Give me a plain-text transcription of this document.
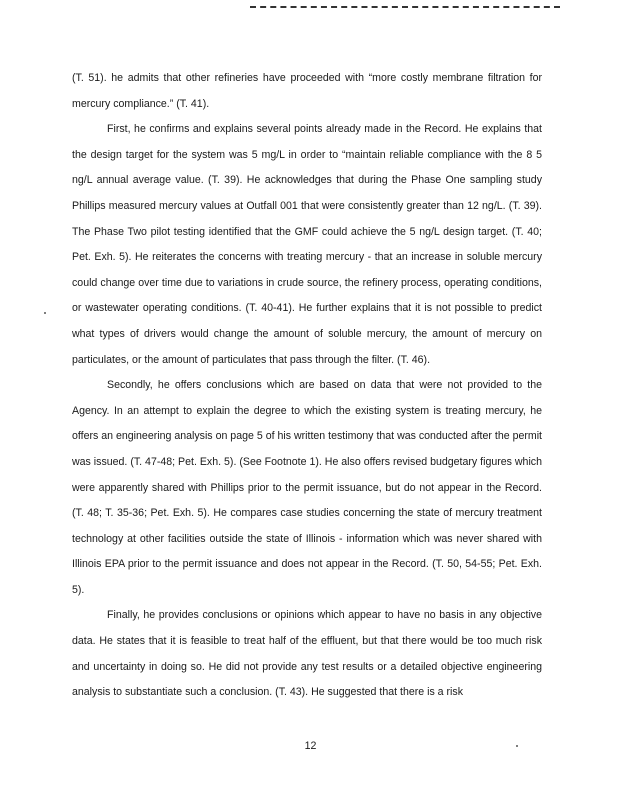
(T. 51). he admits that other refineries have proceeded with “more costly membrane filtration for mercury compliance.” (T. 41).

First, he confirms and explains several points already made in the Record. He explains that the design target for the system was 5 mg/L in order to “maintain reliable compliance with the 8 5 ng/L annual average value. (T. 39). He acknowledges that during the Phase One sampling study Phillips measured mercury values at Outfall 001 that were consistently greater than 12 ng/L. (T. 39). The Phase Two pilot testing identified that the GMF could achieve the 5 ng/L design target. (T. 40; Pet. Exh. 5). He reiterates the concerns with treating mercury - that an increase in soluble mercury could change over time due to variations in crude source, the refinery process, operating conditions, or wastewater operating conditions. (T. 40-41). He further explains that it is not possible to predict what types of drivers would change the amount of soluble mercury, the amount of mercury on particulates, or the amount of particulates that pass through the filter. (T. 46).

Secondly, he offers conclusions which are based on data that were not provided to the Agency. In an attempt to explain the degree to which the existing system is treating mercury, he offers an engineering analysis on page 5 of his written testimony that was conducted after the permit was issued. (T. 47-48; Pet. Exh. 5). (See Footnote 1). He also offers revised budgetary figures which were apparently shared with Phillips prior to the permit issuance, but do not appear in the Record. (T. 48; T. 35-36; Pet. Exh. 5). He compares case studies concerning the state of mercury treatment technology at other facilities outside the state of Illinois - information which was never shared with Illinois EPA prior to the permit issuance and does not appear in the Record. (T. 50, 54-55; Pet. Exh. 5).

Finally, he provides conclusions or opinions which appear to have no basis in any objective data. He states that it is feasible to treat half of the effluent, but that there would be too much risk and uncertainty in doing so. He did not provide any test results or a detailed objective engineering analysis to substantiate such a conclusion. (T. 43). He suggested that there is a risk

12
